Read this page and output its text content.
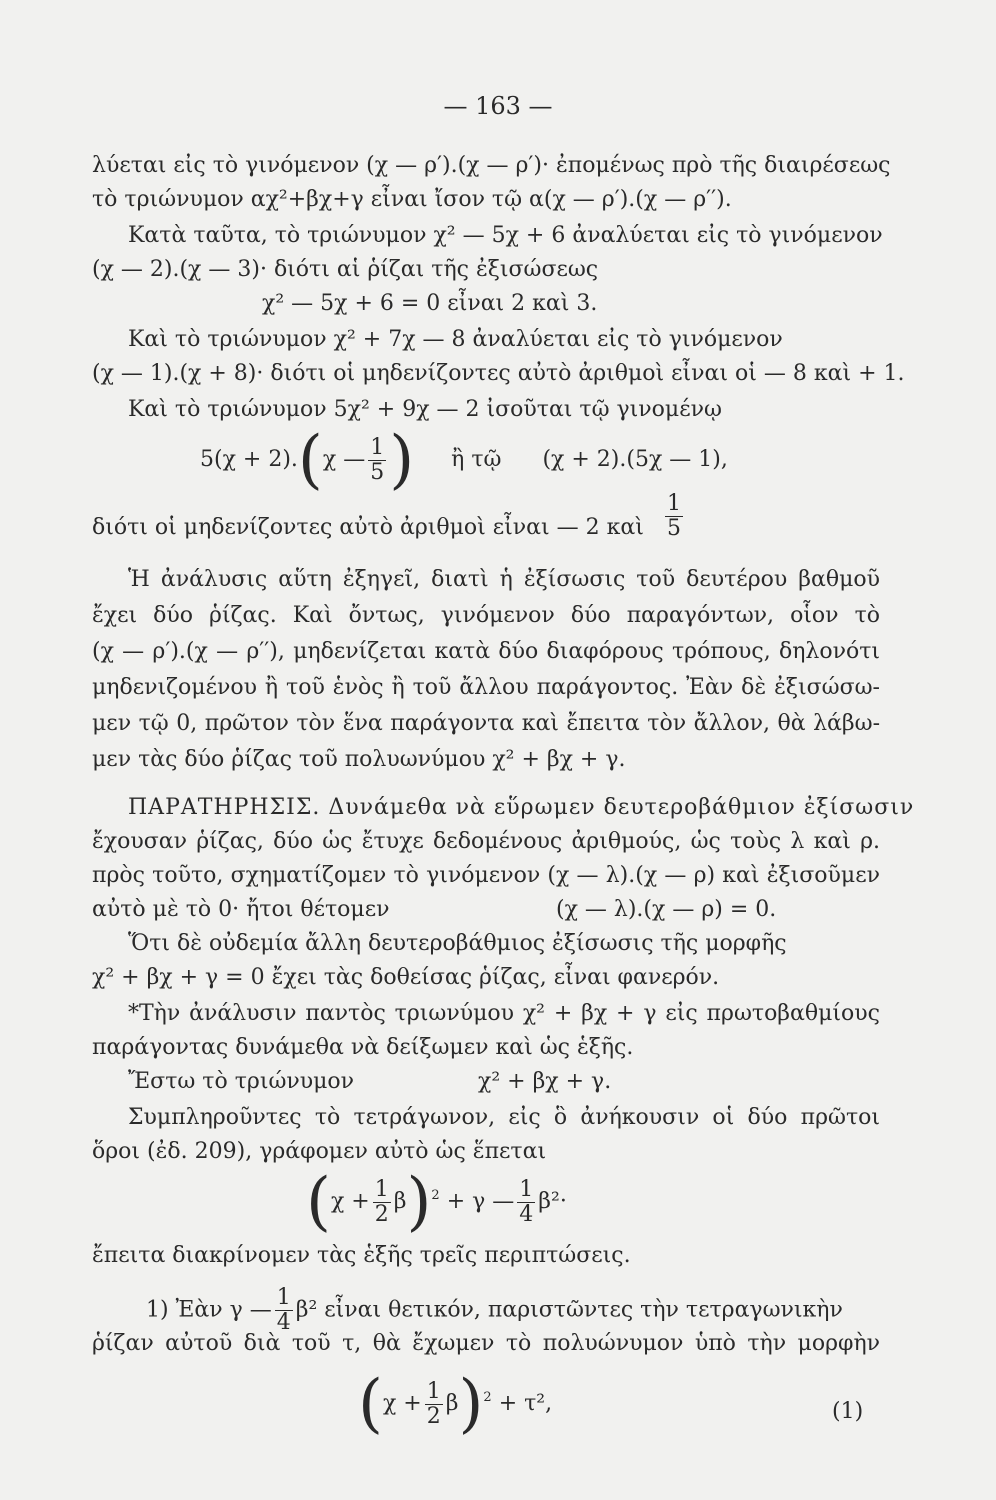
— 163 —
λύεται εἰς τὸ γινόμενον (χ — ρ′).(χ — ρ′)· ἐπομένως πρὸ τῆς διαιρέσεως
τὸ τριώνυμον αχ²+βχ+γ εἶναι ἴσον τῷ α(χ — ρ′).(χ — ρ′′).
Κατὰ ταῦτα, τὸ τριώνυμον χ² — 5χ + 6 ἀναλύεται εἰς τὸ γινόμενον
(χ — 2).(χ — 3)· διότι αἱ ῥίζαι τῆς ἐξισώσεως
χ² — 5χ + 6 = 0 εἶναι 2 καὶ 3.
Καὶ τὸ τριώνυμον χ² + 7χ — 8 ἀναλύεται εἰς τὸ γινόμενον
(χ — 1).(χ + 8)· διότι οἱ μηδενίζοντες αὐτὸ ἀριθμοὶ εἶναι οἱ — 8 καὶ + 1.
Καὶ τὸ τριώνυμον 5χ² + 9χ — 2 ἰσοῦται τῷ γινομένῳ
5(χ + 2).(χ — $\frac{1}{5}$ ) ἢ τῷ (χ + 2).(5χ — 1),
διότι οἱ μηδενίζοντες αὐτὸ ἀριθμοὶ εἶναι — 2 καὶ $\frac{1}{5}$
Ἡ ἀνάλυσις αὕτη ἐξηγεῖ, διατὶ ἡ ἐξίσωσις τοῦ δευτέρου βαθμοῦ
ἔχει δύο ῥίζας. Καὶ ὄντως, γινόμενον δύο παραγόντων, οἷον τὸ
(χ — ρ′).(χ — ρ′′), μηδενίζεται κατὰ δύο διαφόρους τρόπους, δηλονότι
μηδενιζομένου ἢ τοῦ ἑνὸς ἢ τοῦ ἄλλου παράγοντος. Ἐὰν δὲ ἐξισώσω-
μεν τῷ 0, πρῶτον τὸν ἕνα παράγοντα καὶ ἔπειτα τὸν ἄλλον, θὰ λάβω-
μεν τὰς δύο ῥίζας τοῦ πολυωνύμου χ² + βχ + γ.
ΠΑΡΑΤΗΡΗΣΙΣ. Δυνάμεθα νὰ εὕρωμεν δευτεροβάθμιον ἐξίσωσιν
ἔχουσαν ῥίζας, δύο ὡς ἔτυχε δεδομένους ἀριθμούς, ὡς τοὺς λ καὶ ρ.
πρὸς τοῦτο, σχηματίζομεν τὸ γινόμενον (χ — λ).(χ — ρ) καὶ ἐξισοῦμεν
αὐτὸ μὲ τὸ 0· ἤτοι θέτομεν	(χ — λ).(χ — ρ) = 0.
Ὅτι δὲ οὐδεμία ἄλλη δευτεροβάθμιος ἐξίσωσις τῆς μορφῆς
χ² + βχ + γ = 0 ἔχει τὰς δοθείσας ῥίζας, εἶναι φανερόν.
*Τὴν ἀνάλυσιν παντὸς τριωνύμου χ² + βχ + γ εἰς πρωτοβαθμίους
παράγοντας δυνάμεθα νὰ δείξωμεν καὶ ὡς ἑξῆς.
Ἔστω τὸ τριώνυμον	χ² + βχ + γ.
Συμπληροῦντες τὸ τετράγωνον, εἰς ὃ ἀνήκουσιν οἱ δύο πρῶτοι
ὅροι (ἐδ. 209), γράφομεν αὐτὸ ὡς ἕπεται
$(\chi + \frac{1}{2} \beta)^2 + \gamma$ — $\frac{1}{4} \beta^2\cdot$
ἔπειτα διακρίνομεν τὰς ἑξῆς τρεῖς περιπτώσεις.
1) Ἐὰν γ — $\frac{1}{4} \beta^2$ εἶναι θετικόν, παριστῶντες τὴν τετραγωνικὴν
ῥίζαν αὐτοῦ διὰ τοῦ τ, θὰ ἔχωμεν τὸ πολυώνυμον ὑπὸ τὴν μορφὴν
$(\chi + \frac{1}{2} \beta)^2 + \tau^2$,	(1)
